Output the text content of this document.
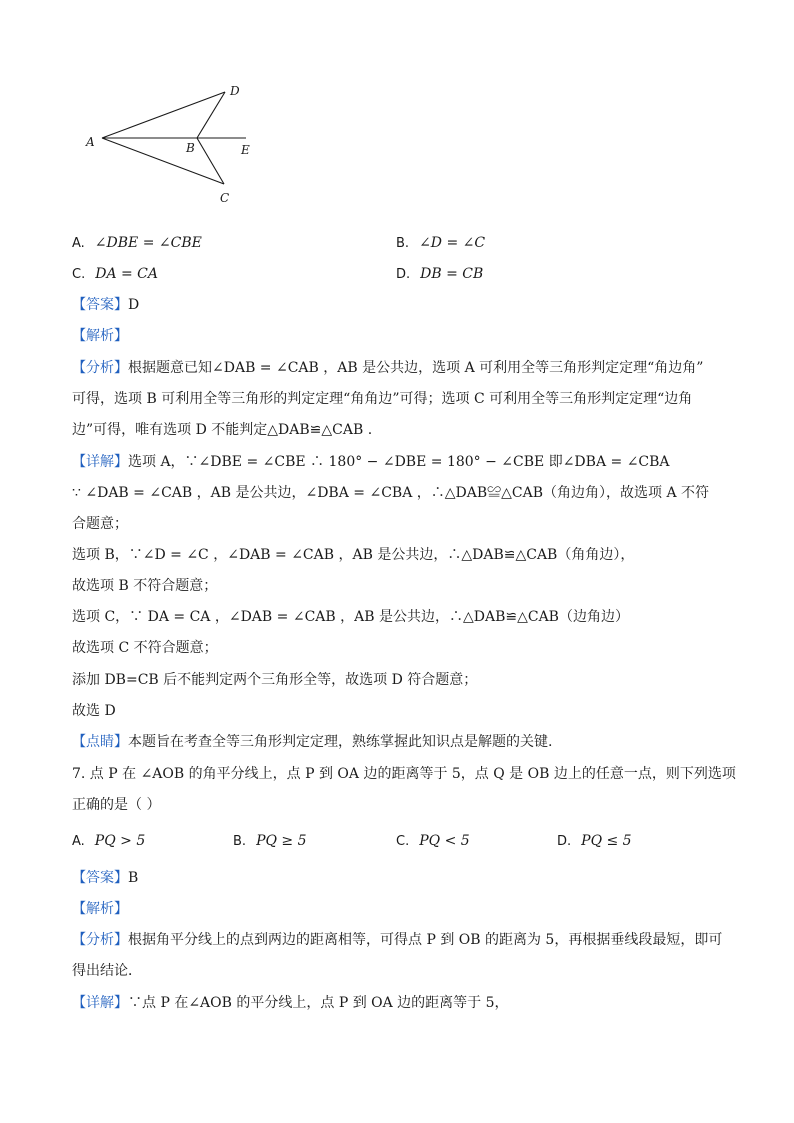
A	B
C
D
E
A. ∠DBE = ∠CBE	B. ∠D = ∠C
C. DA = CA	D. DB = CB
【答案】D
【解析】
【分析】根据题意已知∠DAB = ∠CAB ，AB 是公共边，选项 A 可利用全等三角形判定定理“角边角”
可得，选项 B 可利用全等三角形的判定定理“角角边”可得；选项 C 可利用全等三角形判定定理“边角
边”可得，唯有选项 D 不能判定△DAB≌△CAB .
【详解】选项 A，∵∠DBE = ∠CBE ∴ 180° − ∠DBE = 180° − ∠CBE 即∠DBA = ∠CBA
∵ ∠DAB = ∠CAB ，AB 是公共边，∠DBA = ∠CBA ，∴△DAB≌△CAB（角边角），故选项 A 不符
合题意；
选项 B，∵∠D = ∠C ，∠DAB = ∠CAB ，AB 是公共边，∴△DAB≌△CAB（角角边），
故选项 B 不符合题意；
选项 C，∵ DA = CA ，∠DAB = ∠CAB ，AB 是公共边，∴△DAB≌△CAB（边角边）
故选项 C 不符合题意；
添加 DB=CB 后不能判定两个三角形全等，故选项 D 符合题意；
故选 D
【点睛】本题旨在考查全等三角形判定定理，熟练掌握此知识点是解题的关键.
7. 点 P 在 ∠AOB 的角平分线上，点 P 到 OA 边的距离等于 5，点 Q 是 OB 边上的任意一点，则下列选项
正确的是（ ）
A. PQ > 5	B. PQ ≥ 5	C. PQ < 5	D. PQ ≤ 5
【答案】B
【解析】
【分析】根据角平分线上的点到两边的距离相等，可得点 P 到 OB 的距离为 5，再根据垂线段最短，即可
得出结论．
【详解】∵点 P 在∠AOB 的平分线上，点 P 到 OA 边的距离等于 5，
